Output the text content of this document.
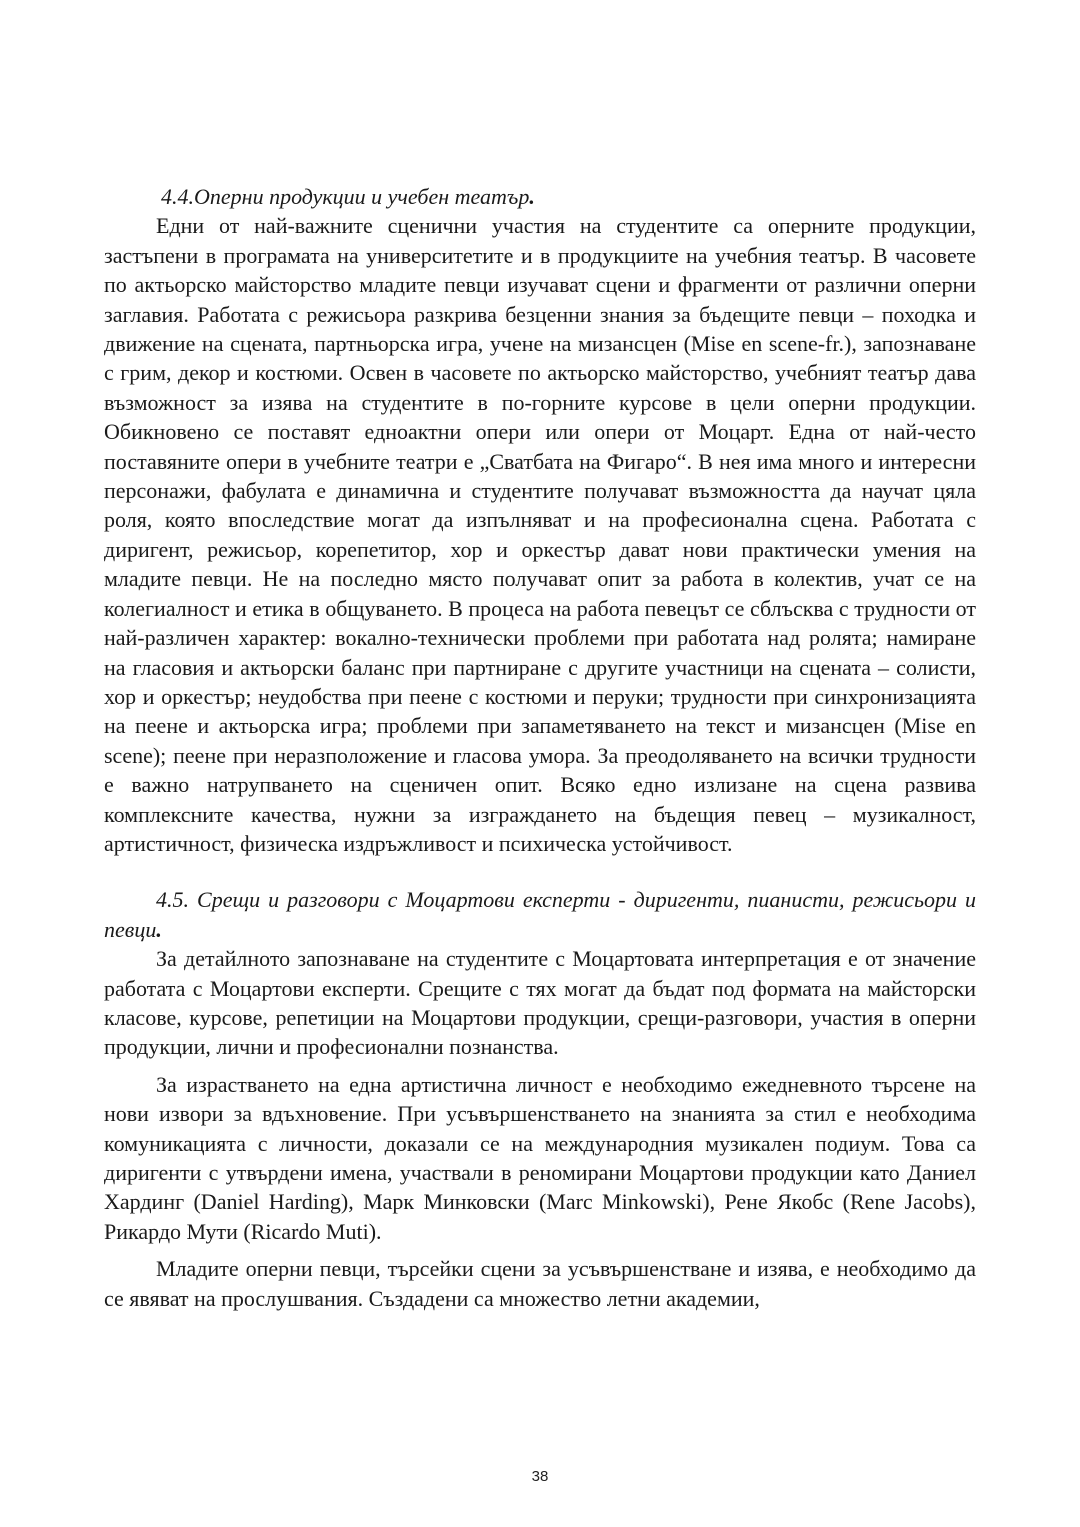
4.4.Оперни продукции и учебен театър.

Едни от най-важните сценични участия на студентите са оперните продукции, застъпени в програмата на университетите и в продукциите на учебния театър. В часовете по актьорско майсторство младите певци изучават сцени и фрагменти от различни оперни заглавия. Работата с режисьора разкрива безценни знания за бъдещите певци – походка и движение на сцената, партньорска игра, учене на мизансцен (Mise en scene-fr.), запознаване с грим, декор и костюми. Освен в часовете по актьорско майсторство, учебният театър дава възможност за изява на студентите в по-горните курсове в цели оперни продукции. Обикновено се поставят едноактни опери или опери от Моцарт. Една от най-често поставяните опери в учебните театри е „Сватбата на Фигаро“. В нея има много и интересни персонажи, фабулата е динамична и студентите получават възможността да научат цяла роля, която впоследствие могат да изпълняват и на професионална сцена. Работата с диригент, режисьор, корепетитор, хор и оркестър дават нови практически умения на младите певци. Не на последно място получават опит за работа в колектив, учат се на колегиалност и етика в общуването. В процеса на работа певецът се сблъсква с трудности от най-различен характер: вокално-технически проблеми при работата над ролята; намиране на гласовия и актьорски баланс при партниране с другите участници на сцената – солисти, хор и оркестър; неудобства при пеене с костюми и перуки; трудности при синхронизацията на пеене и актьорска игра; проблеми при запаметяването на текст и мизансцен (Mise en scene); пеене при неразположение и гласова умора. За преодоляването на всички трудности е важно натрупването на сценичен опит. Всяко едно излизане на сцена развива комплексните качества, нужни за изграждането на бъдещия певец – музикалност, артистичност, физическа издръжливост и психическа устойчивост.

4.5. Срещи и разговори с Моцартови експерти - диригенти, пианисти, режисьори и певци.

За детайлното запознаване на студентите с Моцартовата интерпретация е от значение работата с Моцартови експерти. Срещите с тях могат да бъдат под формата на майсторски класове, курсове, репетиции на Моцартови продукции, срещи-разговори, участия в оперни продукции, лични и професионални познанства.

За израстването на една артистична личност е необходимо ежедневното търсене на нови извори за вдъхновение. При усъвършенстването на знанията за стил е необходима комуникацията с личности, доказали се на международния музикален подиум. Това са диригенти с утвърдени имена, участвали в реномирани Моцартови продукции като Даниел Хардинг (Daniel Harding), Марк Минковски (Marc Minkowski), Рене Якобс (Rene Jacobs), Рикардо Мути (Ricardo Muti).

Младите оперни певци, търсейки сцени за усъвършенстване и изява, е необходимо да се явяват на прослушвания. Създадени са множество летни академии,

38
